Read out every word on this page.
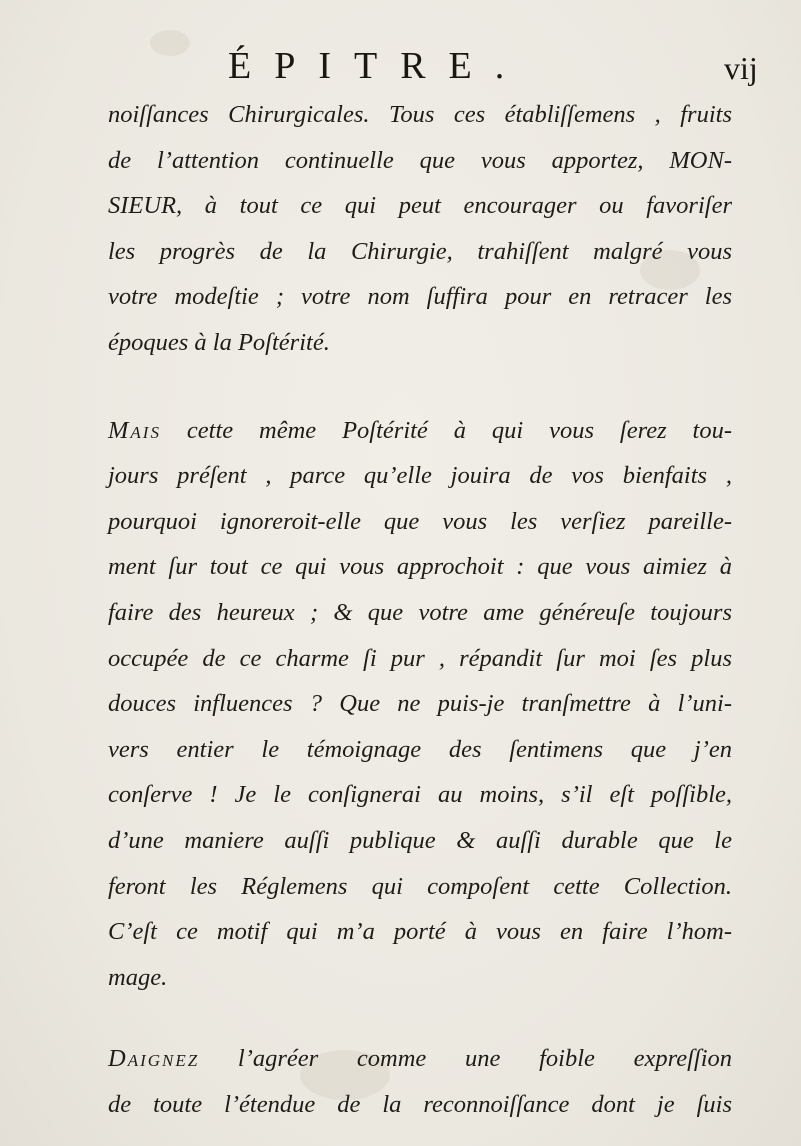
ÉPITRE.	vij

noiſſances Chirurgicales. Tous ces établiſſemens , fruits
de l’attention continuelle que vous apportez, MON-
SIEUR, à tout ce qui peut encourager ou favoriſer
les progrès de la Chirurgie, trahiſſent malgré vous
votre modeſtie ; votre nom ſuffira pour en retracer les
époques à la Poſtérité.

Mais cette même Poſtérité à qui vous ſerez tou-
jours préſent , parce qu’elle jouira de vos bienfaits ,
pourquoi ignoreroit-elle que vous les verſiez pareille-
ment ſur tout ce qui vous approchoit : que vous aimiez à
faire des heureux ; & que votre ame généreuſe toujours
occupée de ce charme ſi pur , répandit ſur moi ſes plus
douces influences ? Que ne puis-je tranſmettre à l’uni-
vers entier le témoignage des ſentimens que j’en
conſerve ! Je le conſignerai au moins, s’il eſt poſſible,
d’une maniere auſſi publique & auſſi durable que le
feront les Réglemens qui compoſent cette Collection.
C’eſt ce motif qui m’a porté à vous en faire l’hom-
mage.

Daignez l’agréer comme une foible expreſſion
de toute l’étendue de la reconnoiſſance dont je ſuis
